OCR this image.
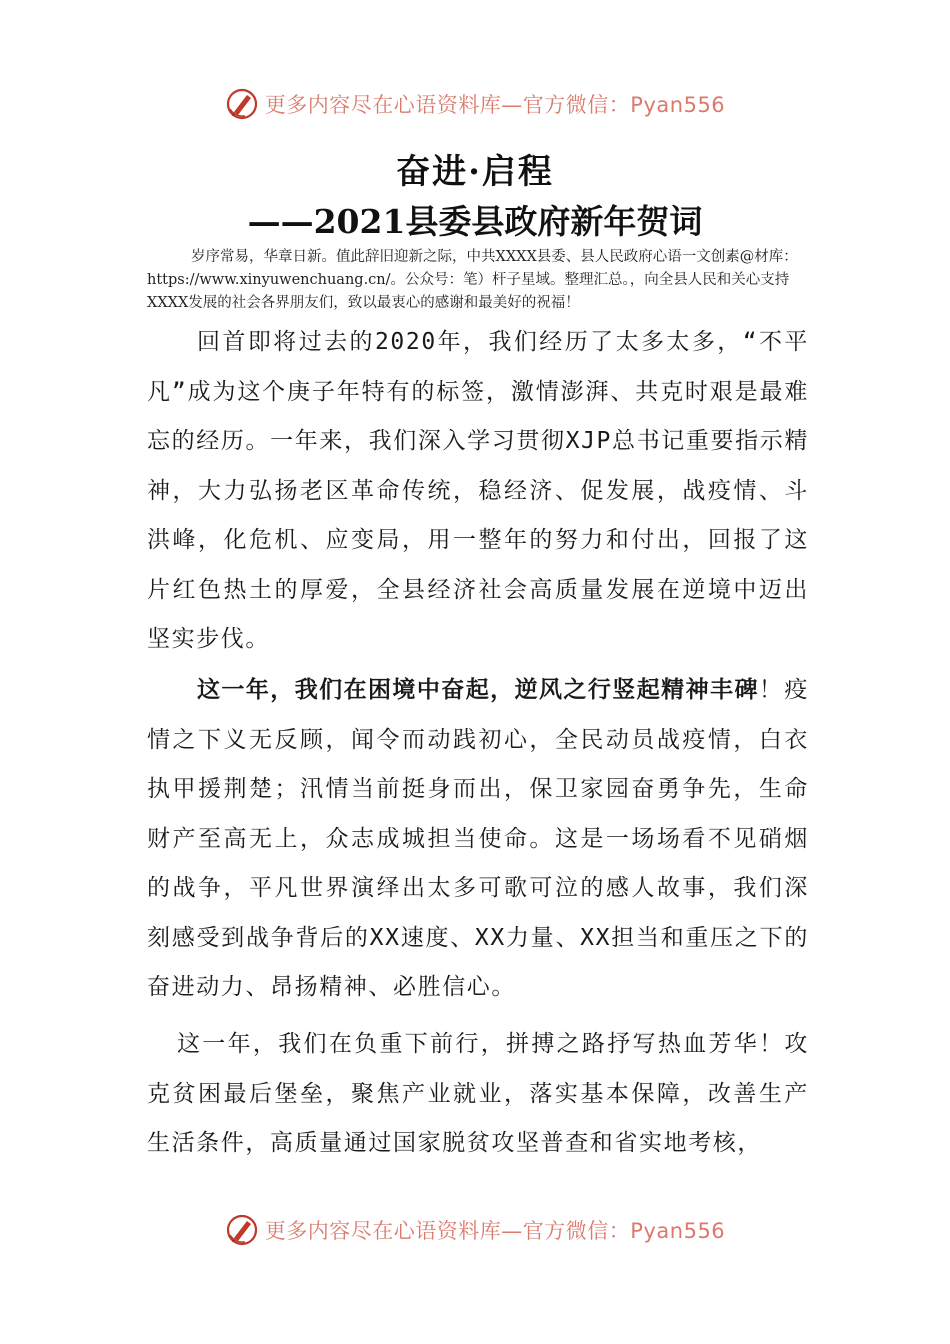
更多内容尽在心语资料库—官方微信：Pyan556
奋进·启程
——2021县委县政府新年贺词
岁序常易，华章日新。值此辞旧迎新之际，中共XXXX县委、县人民政府心语一文创素@材库：https://www.xinyuwenchuang.cn/。公众号：笔）杆子星域。整理汇总。，向全县人民和关心支持XXXX发展的社会各界朋友们，致以最衷心的感谢和最美好的祝福！
回首即将过去的2020年，我们经历了太多太多，“不平凡”成为这个庚子年特有的标签，激情澎湃、共克时艰是最难忘的经历。一年来，我们深入学习贯彻XJP总书记重要指示精神，大力弘扬老区革命传统，稳经济、促发展，战疫情、斗洪峰，化危机、应变局，用一整年的努力和付出，回报了这片红色热土的厚爱，全县经济社会高质量发展在逆境中迈出坚实步伐。
这一年，我们在困境中奋起，逆风之行竖起精神丰碑！疫情之下义无反顾，闻令而动践初心，全民动员战疫情，白衣执甲援荆楚；汛情当前挺身而出，保卫家园奋勇争先，生命财产至高无上，众志成城担当使命。这是一场场看不见硝烟的战争，平凡世界演绎出太多可歌可泣的感人故事，我们深刻感受到战争背后的XX速度、XX力量、XX担当和重压之下的奋进动力、昂扬精神、必胜信心。
这一年，我们在负重下前行，拼搏之路抒写热血芳华！攻克贫困最后堡垒，聚焦产业就业，落实基本保障，改善生产生活条件，高质量通过国家脱贫攻坚普查和省实地考核，
更多内容尽在心语资料库—官方微信：Pyan556
